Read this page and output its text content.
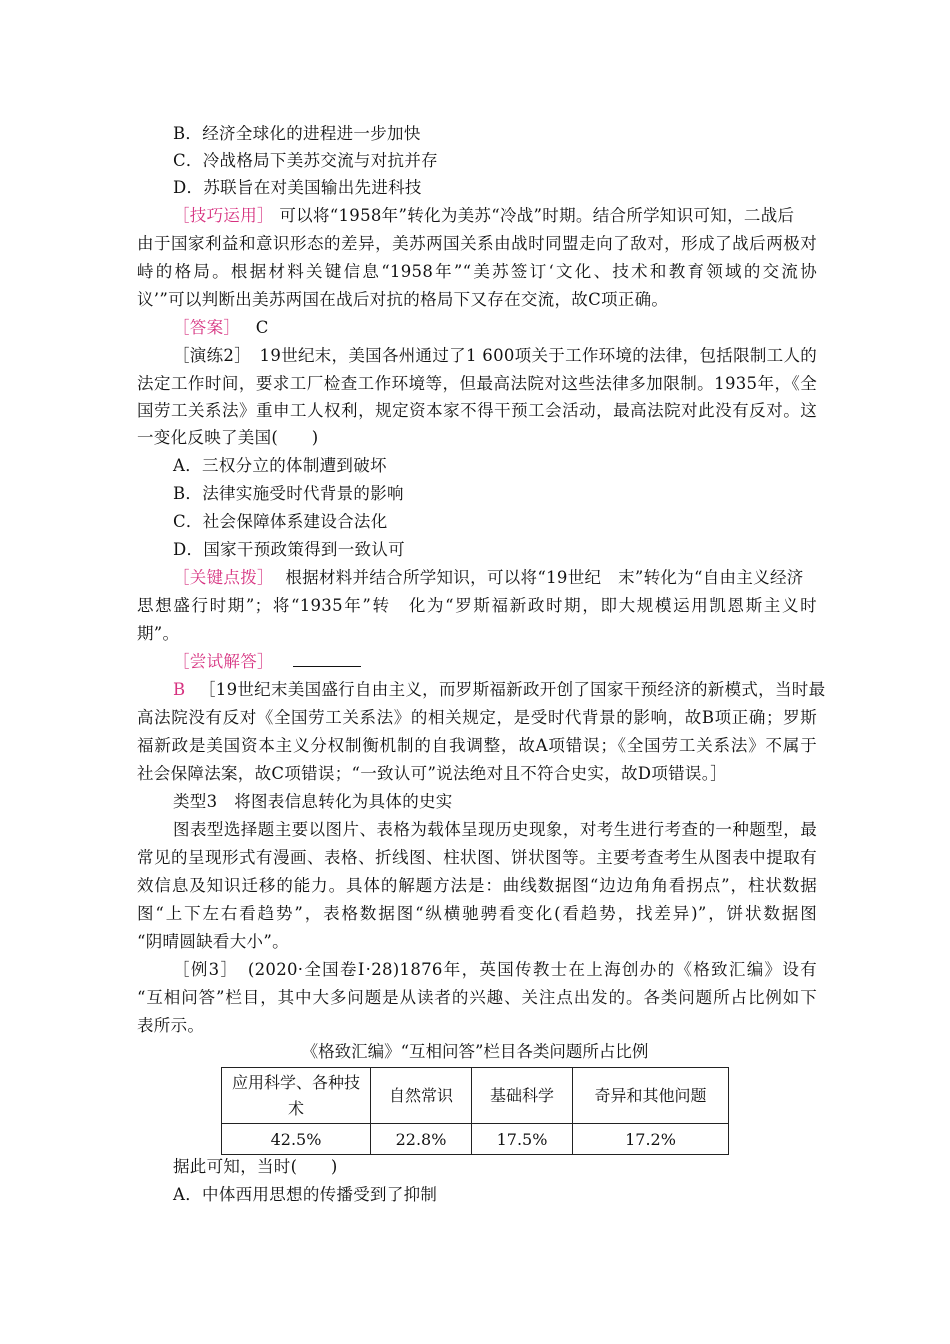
B．经济全球化的进程进一步加快
C．冷战格局下美苏交流与对抗并存
D．苏联旨在对美国输出先进科技
［技巧运用］ 可以将“1958年”转化为美苏“冷战”时期。结合所学知识可知，二战后
由于国家利益和意识形态的差异，美苏两国关系由战时同盟走向了敌对，形成了战后两极对
峙的格局。根据材料关键信息“1958年”“美苏签订‘文化、技术和教育领域的交流协
议’”可以判断出美苏两国在战后对抗的格局下又存在交流，故C项正确。
［答案］ C
［演练2］　19世纪末，美国各州通过了1 600项关于工作环境的法律，包括限制工人的
法定工作时间，要求工厂检查工作环境等，但最高法院对这些法律多加限制。1935年，《全
国劳工关系法》重申工人权利，规定资本家不得干预工会活动，最高法院对此没有反对。这
一变化反映了美国(　　)
A．三权分立的体制遭到破坏
B．法律实施受时代背景的影响
C．社会保障体系建设合法化
D．国家干预政策得到一致认可
［关键点拨］ 根据材料并结合所学知识，可以将“19世纪　末”转化为“自由主义经济
思想盛行时期”；将“1935年”转　化为“罗斯福新政时期，即大规模运用凯恩斯主义时
期”。
［尝试解答］
B ［19世纪末美国盛行自由主义，而罗斯福新政开创了国家干预经济的新模式，当时最
高法院没有反对《全国劳工关系法》的相关规定，是受时代背景的影响，故B项正确；罗斯
福新政是美国资本主义分权制衡机制的自我调整，故A项错误；《全国劳工关系法》不属于
社会保障法案，故C项错误；“一致认可”说法绝对且不符合史实，故D项错误。］
类型3　将图表信息转化为具体的史实
图表型选择题主要以图片、表格为载体呈现历史现象，对考生进行考查的一种题型，最
常见的呈现形式有漫画、表格、折线图、柱状图、饼状图等。主要考查考生从图表中提取有
效信息及知识迁移的能力。具体的解题方法是：曲线数据图“边边角角看拐点”，柱状数据
图“上下左右看趋势”，表格数据图“纵横驰骋看变化(看趋势，找差异)”，饼状数据图
“阴晴圆缺看大小”。
［例3］　(2020·全国卷Ⅰ·28)1876年，英国传教士在上海创办的《格致汇编》设有
“互相问答”栏目，其中大多问题是从读者的兴趣、关注点出发的。各类问题所占比例如下
表所示。
《格致汇编》“互相问答”栏目各类问题所占比例
应用科学、各种技术	自然常识	基础科学	奇异和其他问题
42.5%	22.8%	17.5%	17.2%
据此可知，当时(　　)
A．中体西用思想的传播受到了抑制
